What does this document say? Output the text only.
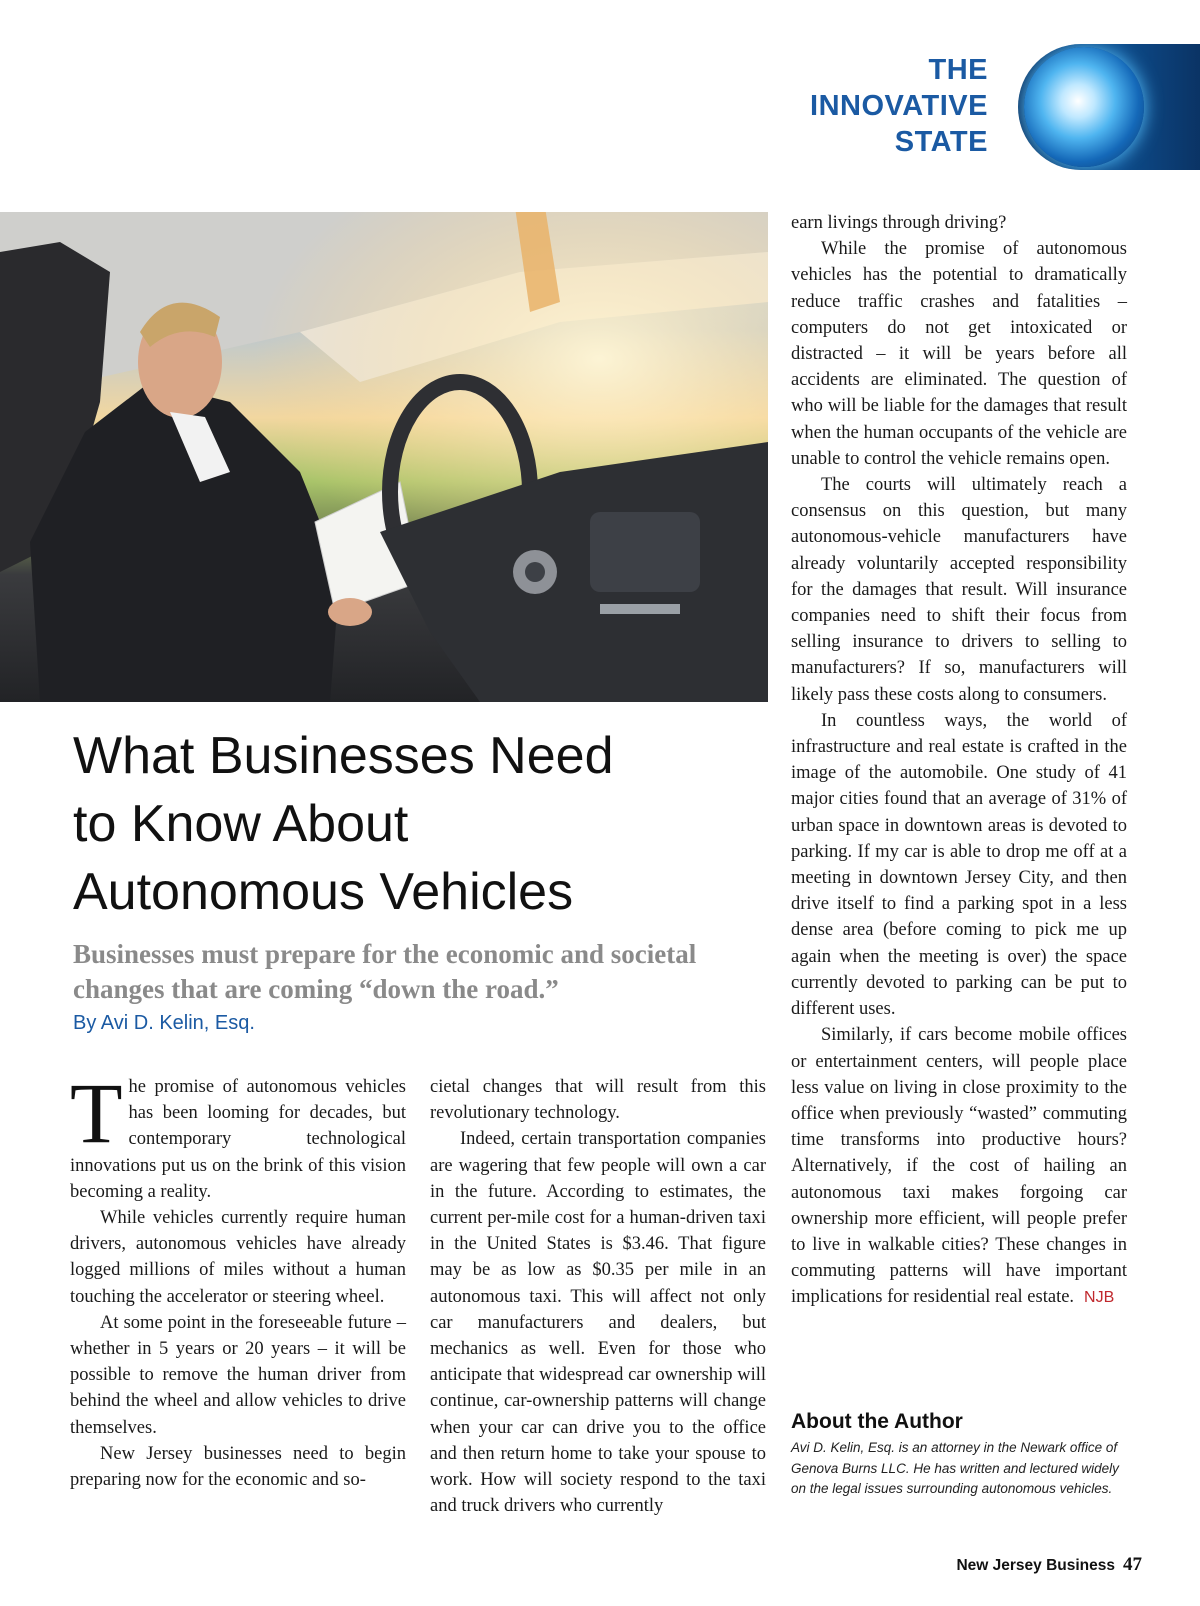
THE
INNOVATIVE
STATE
What Businesses Need
to Know About
Autonomous Vehicles

Businesses must prepare for the economic and societal changes that are coming “down the road.”

By Avi D. Kelin, Esq.

The promise of autonomous vehicles has been looming for decades, but contemporary technological innovations put us on the brink of this vision becoming a reality.

While vehicles currently require human drivers, autonomous vehicles have already logged millions of miles without a human touching the accelerator or steering wheel.

At some point in the foreseeable future – whether in 5 years or 20 years – it will be possible to remove the human driver from behind the wheel and allow vehicles to drive themselves.

New Jersey businesses need to begin preparing now for the economic and so-

cietal changes that will result from this revolutionary technology.

Indeed, certain transportation companies are wagering that few people will own a car in the future. According to estimates, the current per-mile cost for a human-driven taxi in the United States is $3.46. That figure may be as low as $0.35 per mile in an autonomous taxi. This will affect not only car manufacturers and dealers, but mechanics as well. Even for those who anticipate that widespread car ownership will continue, car-ownership patterns will change when your car can drive you to the office and then return home to take your spouse to work. How will society respond to the taxi and truck drivers who currently

earn livings through driving?

While the promise of autonomous vehicles has the potential to dramatically reduce traffic crashes and fatalities – computers do not get intoxicated or distracted – it will be years before all accidents are eliminated. The question of who will be liable for the damages that result when the human occupants of the vehicle are unable to control the vehicle remains open.

The courts will ultimately reach a consensus on this question, but many autonomous-vehicle manufacturers have already voluntarily accepted responsibility for the damages that result. Will insurance companies need to shift their focus from selling insurance to drivers to selling to manufacturers? If so, manufacturers will likely pass these costs along to consumers.

In countless ways, the world of infrastructure and real estate is crafted in the image of the automobile. One study of 41 major cities found that an average of 31% of urban space in downtown areas is devoted to parking. If my car is able to drop me off at a meeting in downtown Jersey City, and then drive itself to find a parking spot in a less dense area (before coming to pick me up again when the meeting is over) the space currently devoted to parking can be put to different uses.

Similarly, if cars become mobile offices or entertainment centers, will people place less value on living in close proximity to the office when previously “wasted” commuting time transforms into productive hours? Alternatively, if the cost of hailing an autonomous taxi makes forgoing car ownership more efficient, will people prefer to live in walkable cities? These changes in commuting patterns will have important implications for residential real estate. NJB

About the Author
Avi D. Kelin, Esq. is an attorney in the Newark office of Genova Burns LLC. He has written and lectured widely on the legal issues surrounding autonomous vehicles.
New Jersey Business 47
